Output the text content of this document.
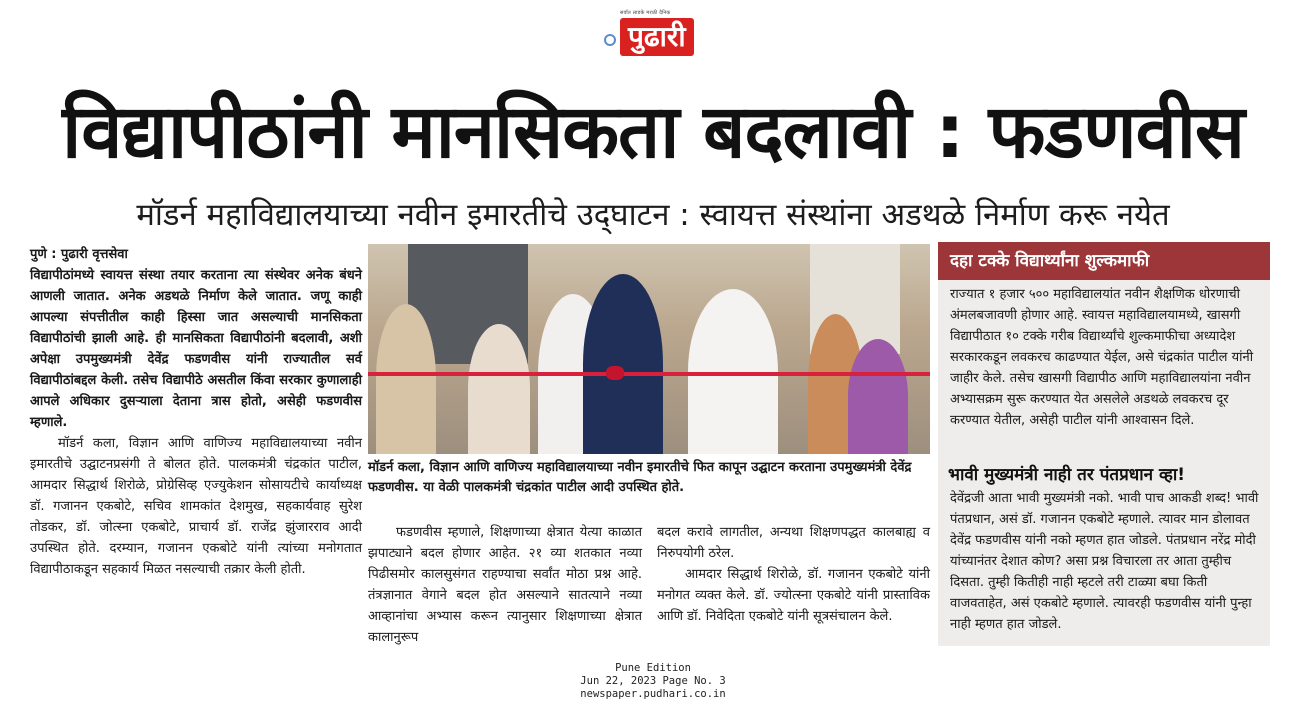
सर्वांत लाडके मराठी दैनिक
पुढारी
विद्यापीठांनी मानसिकता बदलावी : फडणवीस
मॉडर्न महाविद्यालयाच्या नवीन इमारतीचे उद्‌घाटन : स्वायत्त संस्थांना अडथळे निर्माण करू नयेत
पुणे : पुढारी वृत्तसेवा

विद्यापीठांमध्ये स्वायत्त संस्था तयार करताना त्या संस्थेवर अनेक बंधने आणली जातात. अनेक अडथळे निर्माण केले जातात. जणू काही आपल्या संपत्तीतील काही हिस्सा जात असल्याची मानसिकता विद्यापीठांची झाली आहे. ही मानसिकता विद्यापीठांनी बदलावी, अशी अपेक्षा उपमुख्यमंत्री देवेंद्र फडणवीस यांनी राज्यातील सर्व विद्यापीठांबद्दल केली. तसेच विद्यापीठे असतील किंवा सरकार कुणालाही आपले अधिकार दुसऱ्याला देताना त्रास होतो, असेही फडणवीस म्हणाले.

मॉडर्न कला, विज्ञान आणि वाणिज्य महाविद्यालयाच्या नवीन इमारतीचे उद्घाटनप्रसंगी ते बोलत होते. पालकमंत्री चंद्रकांत पाटील, आमदार सिद्धार्थ शिरोळे, प्रोग्रेसिव्ह एज्युकेशन सोसायटीचे कार्याध्यक्ष डॉ. गजानन एकबोटे, सचिव शामकांत देशमुख, सहकार्यवाह सुरेश तोडकर, डॉ. जोत्स्ना एकबोटे, प्राचार्य डॉ. राजेंद्र झुंजारराव आदी उपस्थित होते. दरम्यान, गजानन एकबोटे यांनी त्यांच्या मनोगतात विद्यापीठाकडून सहकार्य मिळत नसल्याची तक्रार केली होती.

मॉडर्न कला, विज्ञान आणि वाणिज्य महाविद्यालयाच्या नवीन इमारतीचे फित कापून उद्घाटन करताना उपमुख्यमंत्री देवेंद्र फडणवीस. या वेळी पालकमंत्री चंद्रकांत पाटील आदी उपस्थित होते.

फडणवीस म्हणाले, शिक्षणाच्या क्षेत्रात येत्या काळात झपाट्याने बदल होणार आहेत. २१ व्या शतकात नव्या पिढीसमोर कालसुसंगत राहण्याचा सर्वांत मोठा प्रश्न आहे. तंत्रज्ञानात वेगाने बदल होत असल्याने सातत्याने नव्या आव्हानांचा अभ्यास करून त्यानुसार शिक्षणाच्या क्षेत्रात कालानुरूप

बदल करावे लागतील, अन्यथा शिक्षणपद्धत कालबाह्य व निरुपयोगी ठरेल.

आमदार सिद्धार्थ शिरोळे, डॉ. गजानन एकबोटे यांनी मनोगत व्यक्त केले. डॉ. ज्योत्स्ना एकबोटे यांनी प्रास्ताविक आणि डॉ. निवेदिता एकबोटे यांनी सूत्रसंचालन केले.

दहा टक्के विद्यार्थ्यांना शुल्कमाफी
राज्यात १ हजार ५०० महाविद्यालयांत नवीन शैक्षणिक धोरणाची अंमलबजावणी होणार आहे. स्वायत्त महाविद्यालयामध्ये, खासगी विद्यापीठात १० टक्के गरीब विद्यार्थ्यांचे शुल्कमाफीचा अध्यादेश सरकारकडून लवकरच काढण्यात येईल, असे चंद्रकांत पाटील यांनी जाहीर केले. तसेच खासगी विद्यापीठ आणि महाविद्यालयांना नवीन अभ्यासक्रम सुरू करण्यात येत असलेले अडथळे लवकरच दूर करण्यात येतील, असेही पाटील यांनी आश्वासन दिले.
भावी मुख्यमंत्री नाही तर पंतप्रधान व्हा!
देवेंद्रजी आता भावी मुख्यमंत्री नको. भावी पाच आकडी शब्द! भावी पंतप्रधान, असं डॉ. गजानन एकबोटे म्हणाले. त्यावर मान डोलावत देवेंद्र फडणवीस यांनी नको म्हणत हात जोडले. पंतप्रधान नरेंद्र मोदी यांच्यानंतर देशात कोण? असा प्रश्न विचारला तर आता तुम्हीच दिसता. तुम्ही कितीही नाही म्हटले तरी टाळ्या बघा किती वाजवताहेत, असं एकबोटे म्हणाले. त्यावरही फडणवीस यांनी पुन्हा नाही म्हणत हात जोडले.
Pune Edition
Jun 22, 2023 Page No. 3
newspaper.pudhari.co.in
